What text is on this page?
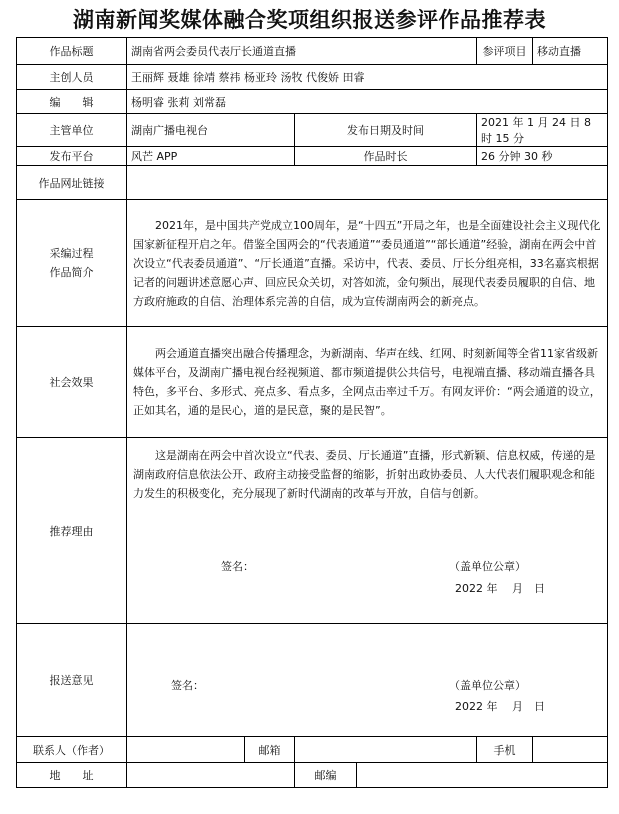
湖南新闻奖媒体融合奖项组织报送参评作品推荐表
作品标题	湖南省两会委员代表厅长通道直播				参评项目	移动直播
主创人员	王丽辉 聂雄 徐靖 蔡祎 杨亚玲 汤牧 代俊娇 田睿					
编　　辑	杨明睿 张莉 刘常磊					
主管单位	湖南广播电视台		发布日期及时间		2021 年 1 月 24 日 8 时 15 分	
发布平台	风芒 APP		作品时长		26 分钟 30 秒	
作品网址链接						
采编过程
作品简介	2021年，是中国共产党成立100周年，是“十四五”开局之年，也是全面建设社会主义现代化国家新征程开启之年。借鉴全国两会的“代表通道”“委员通道”“部长通道”经验，湖南在两会中首次设立“代表委员通道”、“厅长通道”直播。采访中，代表、委员、厅长分组亮相，33名嘉宾根据记者的问题讲述意愿心声、回应民众关切，对答如流，金句频出，展现代表委员履职的自信、地方政府施政的自信、治理体系完善的自信，成为宣传湖南两会的新亮点。					
社会效果	两会通道直播突出融合传播理念，为新湖南、华声在线、红网、时刻新闻等全省11家省级新媒体平台，及湖南广播电视台经视频道、都市频道提供公共信号，电视端直播、移动端直播各具特色，多平台、多形式、亮点多、看点多，全网点击率过千万。有网友评价：“两会通道的设立，正如其名，通的是民心，道的是民意，聚的是民智”。					
推荐理由	这是湖南在两会中首次设立“代表、委员、厅长通道”直播，形式新颖、信息权威，传递的是湖南政府信息依法公开、政府主动接受监督的缩影，折射出政协委员、人大代表们履职观念和能力发生的积极变化，充分展现了新时代湖南的改革与开放，自信与创新。
签名： （盖单位公章）
2022 年　 月　日					

报送意见	签名： （盖单位公章）
2022 年　 月　日					

联系人（作者）		邮箱			手机	
地　　址			邮编			
